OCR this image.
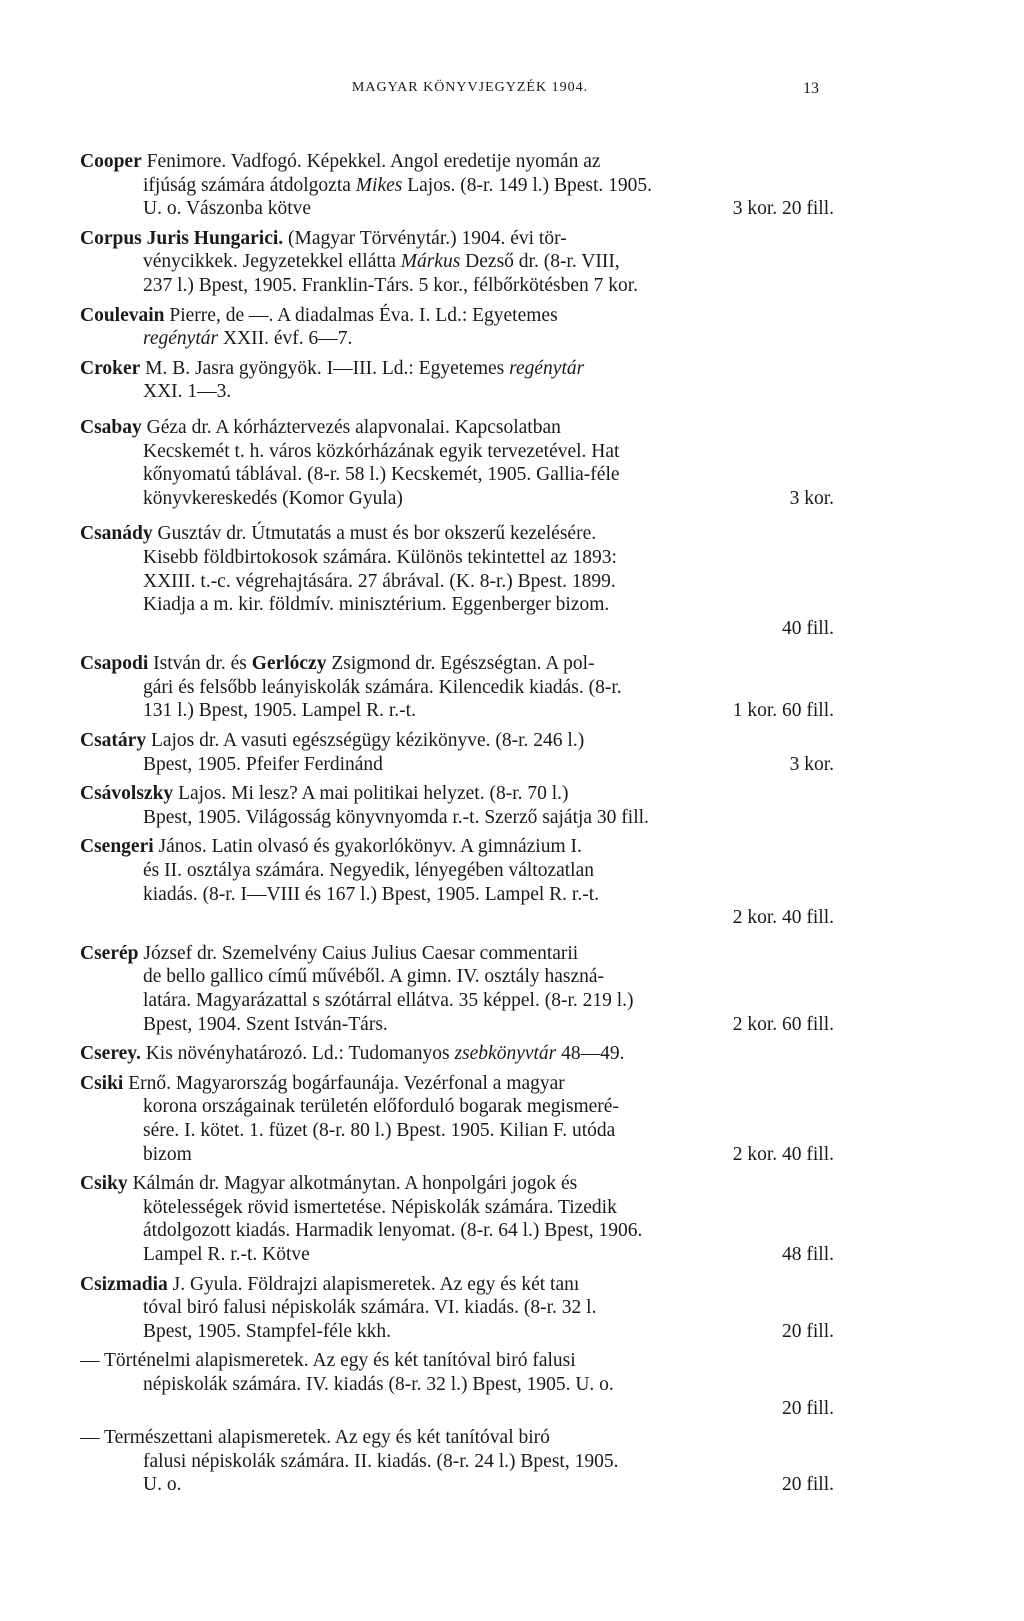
MAGYAR KÖNYVJEGYZÉK 1904.	13
Cooper Fenimore. Vadfogó. Képekkel. Angol eredetije nyomán az
ifjúság számára átdolgozta Mikes Lajos. (8-r. 149 l.) Bpest. 1905.
3 kor. 20 fill.
U. o. Vászonba kötve
Corpus Juris Hungarici. (Magyar Törvénytár.) 1904. évi tör-
vénycikkek. Jegyzetekkel ellátta Márkus Dezső dr. (8-r. VIII,
237 l.) Bpest, 1905. Franklin-Társ. 5 kor., félbőrkötésben 7 kor.
Coulevain Pierre, de —. A diadalmas Éva. I. Ld.: Egyetemes
regénytár XXII. évf. 6—7.
Croker M. B. Jasra gyöngyök. I—III. Ld.: Egyetemes regénytár
XXI. 1—3.
Csabay Géza dr. A kórháztervezés alapvonalai. Kapcsolatban
Kecskemét t. h. város közkórházának egyik tervezetével. Hat
kőnyomatú táblával. (8-r. 58 l.) Kecskemét, 1905. Gallia-féle
3 kor.
könyvkereskedés (Komor Gyula)
Csanády Gusztáv dr. Útmutatás a must és bor okszerű kezelésére.
Kisebb földbirtokosok számára. Különös tekintettel az 1893:
XXIII. t.-c. végrehajtására. 27 ábrával. (K. 8-r.) Bpest. 1899.
Kiadja a m. kir. földmív. minisztérium. Eggenberger bizom.
40 fill.
Csapodi István dr. és Gerlóczy Zsigmond dr. Egészségtan. A pol-
gári és felsőbb leányiskolák számára. Kilencedik kiadás. (8-r.
1 kor. 60 fill.
131 l.) Bpest, 1905. Lampel R. r.-t.
Csatáry Lajos dr. A vasuti egészségügy kézikönyve. (8-r. 246 l.)
3 kor.
Bpest, 1905. Pfeifer Ferdinánd
Csávolszky Lajos. Mi lesz? A mai politikai helyzet. (8-r. 70 l.)
Bpest, 1905. Világosság könyvnyomda r.-t. Szerző sajátja 30 fill.
Csengeri János. Latin olvasó és gyakorlókönyv. A gimnázium I.
és II. osztálya számára. Negyedik, lényegében változatlan
kiadás. (8-r. I—VIII és 167 l.) Bpest, 1905. Lampel R. r.-t.
2 kor. 40 fill.
Cserép József dr. Szemelvény Caius Julius Caesar commentarii
de bello gallico című művéből. A gimn. IV. osztály haszná-
latára. Magyarázattal s szótárral ellátva. 35 képpel. (8-r. 219 l.)
2 kor. 60 fill.
Bpest, 1904. Szent István-Társ.
Cserey. Kis növényhatározó. Ld.: Tudomanyos zsebkönyvtár 48—49.
Csiki Ernő. Magyarország bogárfaunája. Vezérfonal a magyar
korona országainak területén előforduló bogarak megismeré-
sére. I. kötet. 1. füzet (8-r. 80 l.) Bpest. 1905. Kilian F. utóda
2 kor. 40 fill.
bizom
Csiky Kálmán dr. Magyar alkotmánytan. A honpolgári jogok és
kötelességek rövid ismertetése. Népiskolák számára. Tizedik
átdolgozott kiadás. Harmadik lenyomat. (8-r. 64 l.) Bpest, 1906.
48 fill.
Lampel R. r.-t. Kötve
Csizmadia J. Gyula. Földrajzi alapismeretek. Az egy és két tanı
tóval biró falusi népiskolák számára. VI. kiadás. (8-r. 32 l.
20 fill.
Bpest, 1905. Stampfel-féle kkh.
— Történelmi alapismeretek. Az egy és két tanítóval biró falusi
népiskolák számára. IV. kiadás (8-r. 32 l.) Bpest, 1905. U. o.
20 fill.
— Természettani alapismeretek. Az egy és két tanítóval biró
falusi népiskolák számára. II. kiadás. (8-r. 24 l.) Bpest, 1905.
20 fill.
U. o.
